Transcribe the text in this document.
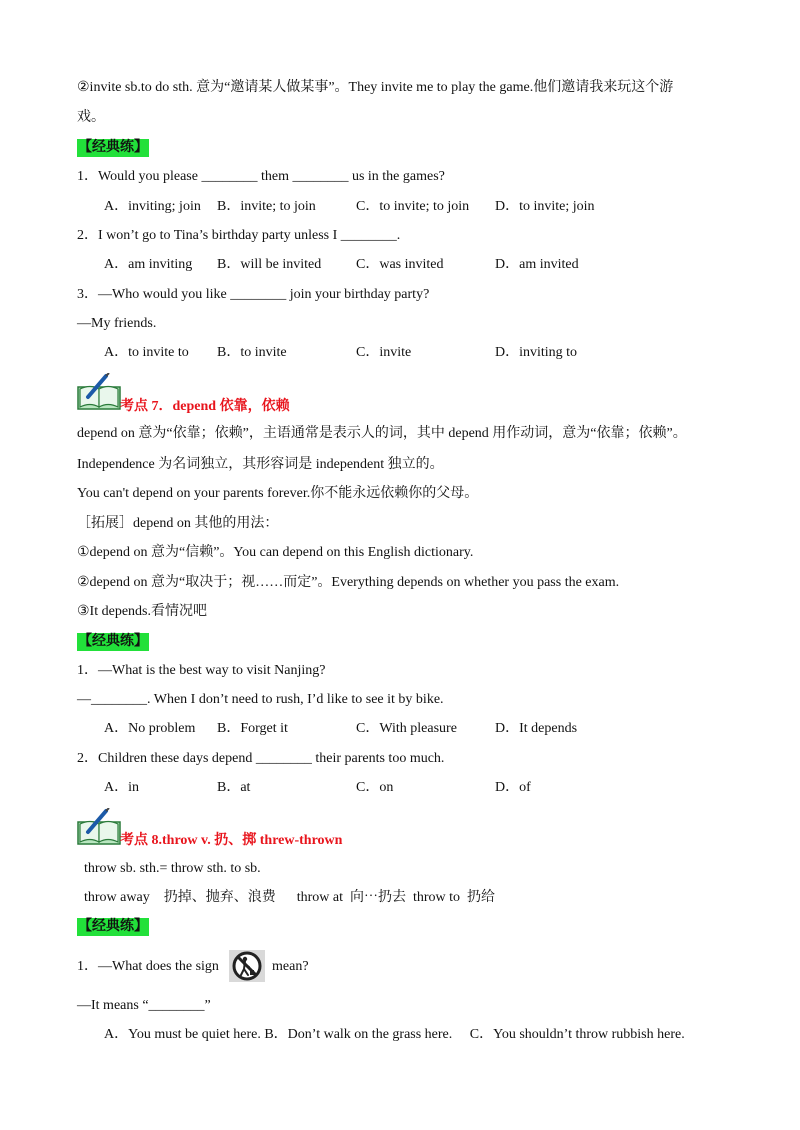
②invite sb.to do sth. 意为“邀请某人做某事”。They invite me to play the game.他们邀请我来玩这个游
戏。
【经典练】
1．Would you please ________ them ________ us in the games?
A．inviting; join B．invite; to join	C．to invite; to join D．to invite; join
2．I won’t go to Tina’s birthday party unless I ________.
A．am inviting B．will be invited C．was invited	D．am invited
3．—Who would you like ________ join your birthday party?
—My friends.
A．to invite to B．to invite	C．invite	D．inviting to
考点 7．depend 依靠，依赖
depend on 意为“依靠；依赖”，主语通常是表示人的词，其中 depend 用作动词，意为“依靠；依赖”。
Independence 为名词独立，其形容词是 independent 独立的。
You can't depend on your parents forever.你不能永远依赖你的父母。
［拓展］depend on 其他的用法：
①depend on 意为“信赖”。You can depend on this English dictionary.
②depend on 意为“取决于；视……而定”。Everything depends on whether you pass the exam.
③It depends.看情况吧
【经典练】
1．—What is the best way to visit Nanjing?
—________. When I don’t need to rush, I’d like to see it by bike.
A．No problem B．Forget it	C．With pleasure	D．It depends
2．Children these days depend ________ their parents too much.
A．in	B．at	C．on	D．of
考点 8.throw v. 扔、掷 threw-thrown
throw sb. sth.= throw sth. to sb.
throw away    扔掉、抛弃、浪费      throw at  向⋯扔去  throw to  扔给
【经典练】
1．—What does the sign	mean?
—It means “________”
A．You must be quiet here. B．Don’t walk on the grass here.     C．You shouldn’t throw rubbish here.
